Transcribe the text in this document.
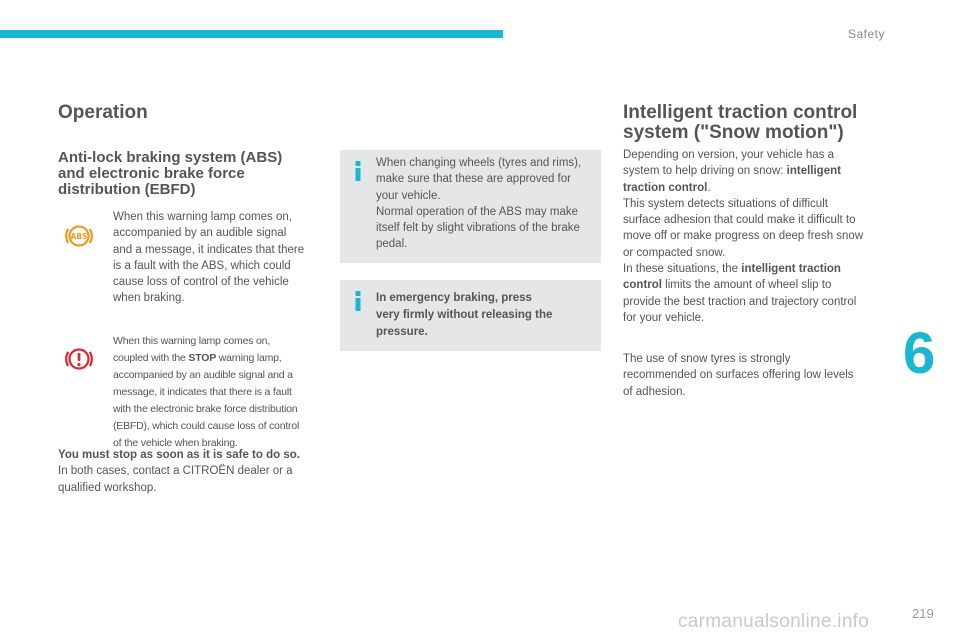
Safety
6
219
Operation
Anti-lock braking system (ABS)
and electronic brake force
distribution (EBFD)
ABS

When this warning lamp comes on,
accompanied by an audible signal
and a message, it indicates that there
is a fault with the ABS, which could
cause loss of control of the vehicle
when braking.

When this warning lamp comes on,
coupled with the STOP warning lamp,
accompanied by an audible signal and a
message, it indicates that there is a fault
with the electronic brake force distribution
(EBFD), which could cause loss of control
of the vehicle when braking.

You must stop as soon as it is safe to do so.
In both cases, contact a CITROËN dealer or a
qualified workshop.

When changing wheels (tyres and rims),
make sure that these are approved for
your vehicle.
Normal operation of the ABS may make
itself felt by slight vibrations of the brake
pedal.

In emergency braking, press
very firmly without releasing the
pressure.

Intelligent traction control
system ("Snow motion")

Depending on version, your vehicle has a
system to help driving on snow: intelligent
traction control.
This system detects situations of difficult
surface adhesion that could make it difficult to
move off or make progress on deep fresh snow
or compacted snow.
In these situations, the intelligent traction
control limits the amount of wheel slip to
provide the best traction and trajectory control
for your vehicle.

The use of snow tyres is strongly
recommended on surfaces offering low levels
of adhesion.

carmanualsonline.info
